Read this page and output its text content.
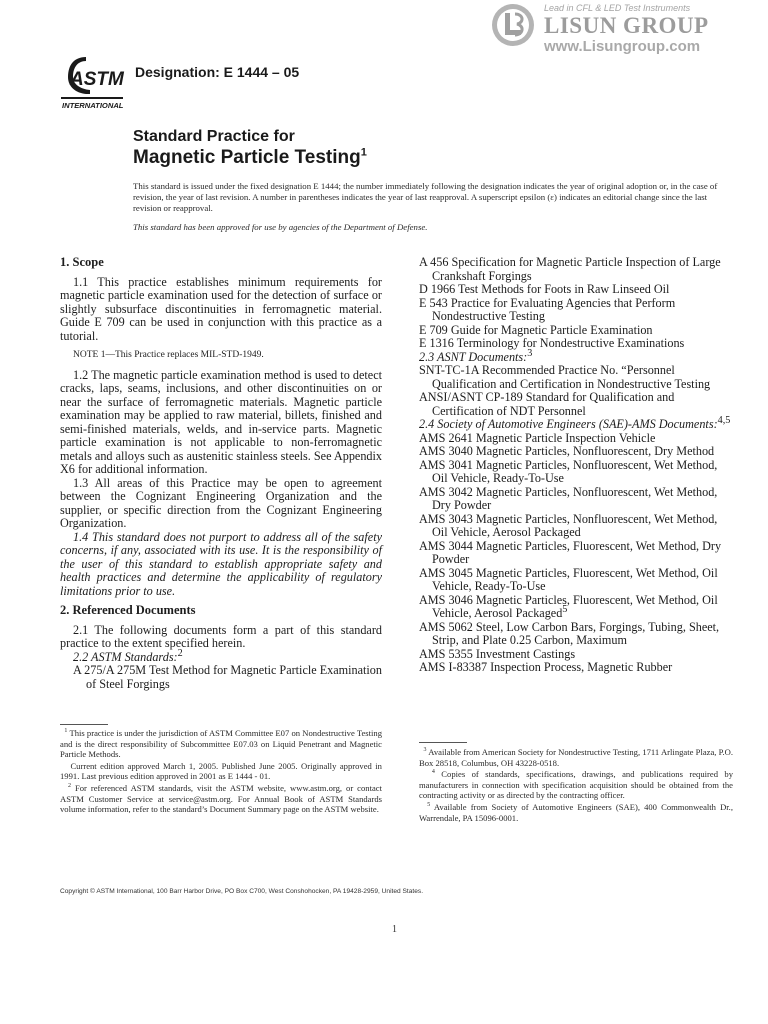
Lead in CFL & LED Test Instruments
LISUN GROUP
www.Lisungroup.com
ASTM
INTERNATIONAL
Designation: E 1444 – 05
Standard Practice for
Magnetic Particle Testing$^1$
This standard is issued under the fixed designation E 1444; the number immediately following the designation indicates the year of original adoption or, in the case of revision, the year of last revision. A number in parentheses indicates the year of last reapproval. A superscript epsilon (ε) indicates an editorial change since the last revision or reapproval.
This standard has been approved for use by agencies of the Department of Defense.
1. Scope

1.1 This practice establishes minimum requirements for magnetic particle examination used for the detection of surface or slightly subsurface discontinuities in ferromagnetic material. Guide E 709 can be used in conjunction with this practice as a tutorial.

NOTE 1—This Practice replaces MIL-STD-1949.

1.2 The magnetic particle examination method is used to detect cracks, laps, seams, inclusions, and other discontinuities on or near the surface of ferromagnetic materials. Magnetic particle examination may be applied to raw material, billets, finished and semi-finished materials, welds, and in-service parts. Magnetic particle examination is not applicable to non-ferromagnetic metals and alloys such as austenitic stainless steels. See Appendix X6 for additional information.

1.3 All areas of this Practice may be open to agreement between the Cognizant Engineering Organization and the supplier, or specific direction from the Cognizant Engineering Organization.

1.4 This standard does not purport to address all of the safety concerns, if any, associated with its use. It is the responsibility of the user of this standard to establish appropriate safety and health practices and determine the applicability of regulatory limitations prior to use.

2. Referenced Documents

2.1 The following documents form a part of this standard practice to the extent specified herein.

2.2 ASTM Standards:$^2$

A 275/A 275M Test Method for Magnetic Particle Examination of Steel Forgings

A 456 Specification for Magnetic Particle Inspection of Large Crankshaft Forgings

D 1966 Test Methods for Foots in Raw Linseed Oil

E 543 Practice for Evaluating Agencies that Perform Nondestructive Testing

E 709 Guide for Magnetic Particle Examination

E 1316 Terminology for Nondestructive Examinations

2.3 ASNT Documents:$^3$

SNT-TC-1A Recommended Practice No. “Personnel Qualification and Certification in Nondestructive Testing

ANSI/ASNT CP-189 Standard for Qualification and Certification of NDT Personnel

2.4 Society of Automotive Engineers (SAE)-AMS Documents:$^{4,5}$

AMS 2641 Magnetic Particle Inspection Vehicle

AMS 3040 Magnetic Particles, Nonfluorescent, Dry Method

AMS 3041 Magnetic Particles, Nonfluorescent, Wet Method, Oil Vehicle, Ready-To-Use

AMS 3042 Magnetic Particles, Nonfluorescent, Wet Method, Dry Powder

AMS 3043 Magnetic Particles, Nonfluorescent, Wet Method, Oil Vehicle, Aerosol Packaged

AMS 3044 Magnetic Particles, Fluorescent, Wet Method, Dry Powder

AMS 3045 Magnetic Particles, Fluorescent, Wet Method, Oil Vehicle, Ready-To-Use

AMS 3046 Magnetic Particles, Fluorescent, Wet Method, Oil Vehicle, Aerosol Packaged$^5$

AMS 5062 Steel, Low Carbon Bars, Forgings, Tubing, Sheet, Strip, and Plate 0.25 Carbon, Maximum

AMS 5355 Investment Castings

AMS I-83387 Inspection Process, Magnetic Rubber

$^1$ This practice is under the jurisdiction of ASTM Committee E07 on Nondestructive Testing and is the direct responsibility of Subcommittee E07.03 on Liquid Penetrant and Magnetic Particle Methods.

Current edition approved March 1, 2005. Published June 2005. Originally approved in 1991. Last previous edition approved in 2001 as E 1444 - 01.

$^2$ For referenced ASTM standards, visit the ASTM website, www.astm.org, or contact ASTM Customer Service at service@astm.org. For Annual Book of ASTM Standards volume information, refer to the standard’s Document Summary page on the ASTM website.

$^3$ Available from American Society for Nondestructive Testing, 1711 Arlingate Plaza, P.O. Box 28518, Columbus, OH 43228-0518.

$^4$ Copies of standards, specifications, drawings, and publications required by manufacturers in connection with specification acquisition should be obtained from the contracting activity or as directed by the contracting officer.

$^5$ Available from Society of Automotive Engineers (SAE), 400 Commonwealth Dr., Warrendale, PA 15096-0001.

Copyright © ASTM International, 100 Barr Harbor Drive, PO Box C700, West Conshohocken, PA 19428-2959, United States.
1
